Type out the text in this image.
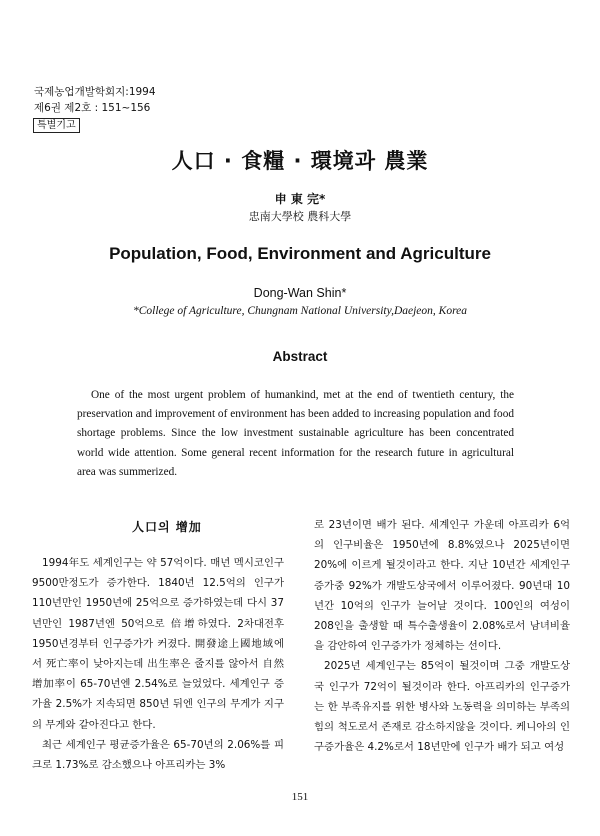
국제농업개발학회지:1994
제6권 제2호 : 151~156
특별기고
人口 · 食糧 · 環境과 農業
申 東 完*
忠南大學校 農科大學
Population, Food, Environment and Agriculture
Dong-Wan Shin*
*College of Agriculture, Chungnam National University,Daejeon, Korea
Abstract
One of the most urgent problem of humankind, met at the end of twentieth century, the preservation and improvement of environment has been added to increasing population and food shortage problems. Since the low investment sustainable agriculture has been concentrated world wide attention. Some general recent information for the research future in agricultural area was summerized.
人口의 增加

1994年도 세계인구는 약 57억이다. 매년 멕시코인구 9500만정도가 증가한다. 1840년 12.5억의 인구가 110년만인 1950년에 25억으로 증가하였는데 다시 37년만인 1987년엔 50억으로 倍增하였다. 2차대전후 1950년경부터 인구증가가 커졌다. 開發途上國地域에서 死亡率이 낮아지는데 出生率은 줄지를 않아서 自然增加率이 65-70년엔 2.54%로 늘었었다. 세계인구 증가율 2.5%가 지속되면 850년 뒤엔 인구의 무게가 지구의 무게와 같아진다고 한다.

최근 세계인구 평균증가율은 65-70년의 2.06%를 피크로 1.73%로 감소했으나 아프리카는 3%

로 23년이면 배가 된다. 세계인구 가운데 아프리카 6억의 인구비율은 1950년에 8.8%였으나 2025년이면 20%에 이르게 될것이라고 한다. 지난 10년간 세계인구증가중 92%가 개발도상국에서 이루어졌다. 90년대 10년간 10억의 인구가 늘어날 것이다. 100인의 여성이 208인을 출생할 때 특수출생율이 2.08%로서 남녀비율을 감안하여 인구증가가 정체하는 선이다.

2025년 세계인구는 85억이 될것이며 그중 개발도상국 인구가 72억이 될것이라 한다. 아프리카의 인구증가는 한 부족유지를 위한 병사와 노동력을 의미하는 부족의 힘의 척도로서 존재로 감소하지않을 것이다. 케니아의 인구증가율은 4.2%로서 18년만에 인구가 배가 되고 여성

151
